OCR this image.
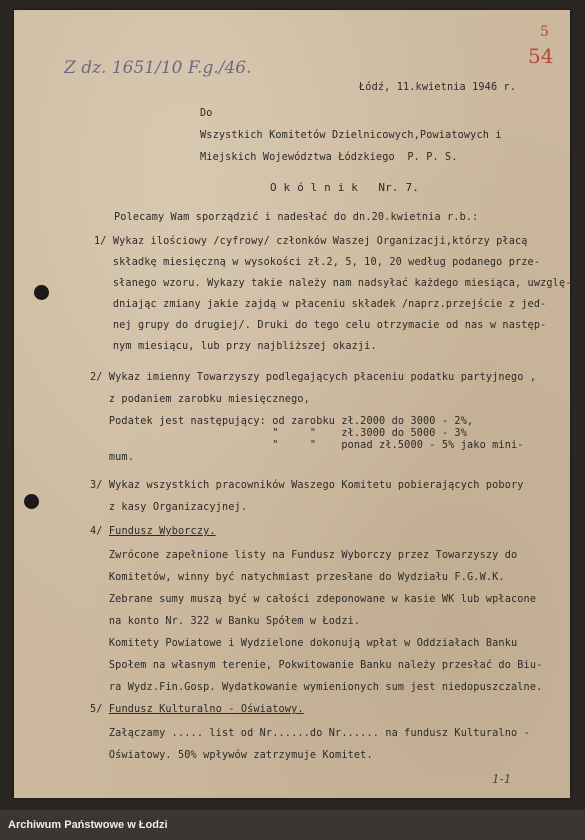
Z dz. 1651/10 F.g./46.
5
54
Łódź, 11.kwietnia 1946 r.
Do
Wszystkich Komitetów Dzielnicowych,Powiatowych i
Miejskich Województwa Łódzkiego  P. P. S.
O k ó l n i k   Nr. 7.
Polecamy Wam sporządzić i nadesłać do dn.20.kwietnia r.b.:
1/ Wykaz ilościowy /cyfrowy/ członków Waszej Organizacji,którzy płacą
składkę miesięczną w wysokości zł.2, 5, 10, 20 według podanego prze-
słanego wzoru. Wykazy takie należy nam nadsyłać każdego miesiąca, uwzglę-
dniając zmiany jakie zajdą w płaceniu składek /naprz.przejście z jed-
nej grupy do drugiej/. Druki do tego celu otrzymacie od nas w następ-
nym miesiącu, lub przy najbliższej okazji.
2/ Wykaz imienny Towarzyszy podlegających płaceniu podatku partyjnego ,
z podaniem zarobku miesięcznego,
Podatek jest następujący: od zarobku zł.2000 do 3000 - 2%,
"     "    zł.3000 do 5000 - 3%
"     "    ponad zł.5000 - 5% jako mini-
mum.
3/ Wykaz wszystkich pracowników Waszego Komitetu pobierających poborу
z kasy Organizacyjnej.
4/ Fundusz Wyborczy.
Zwrócone zapełnione listy na Fundusz Wyborczy przez Towarzyszy do
Komitetów, winny być natychmiast przesłane do Wydziału F.G.W.K.
Zebrane sumy muszą być w całości zdeponowane w kasie WK lub wpłacone
na konto Nr. 322 w Banku Spółem w Łodzi.
Komitety Powiatowe i Wydzielone dokonują wpłat w Oddziałach Banku
Społem na własnym terenie, Pokwitowanie Banku należy przesłać do Biu-
ra Wydz.Fin.Gosp. Wydatkowanie wymienionych sum jest niedopuszczalne.
5/ Fundusz Kulturalno - Oświatowy.
Załączamy ..... list od Nr......do Nr...... na fundusz Kulturalno -
Oświatowy. 50% wpływów zatrzymuje Komitet.
1-1
Archiwum Państwowe w Łodzi
